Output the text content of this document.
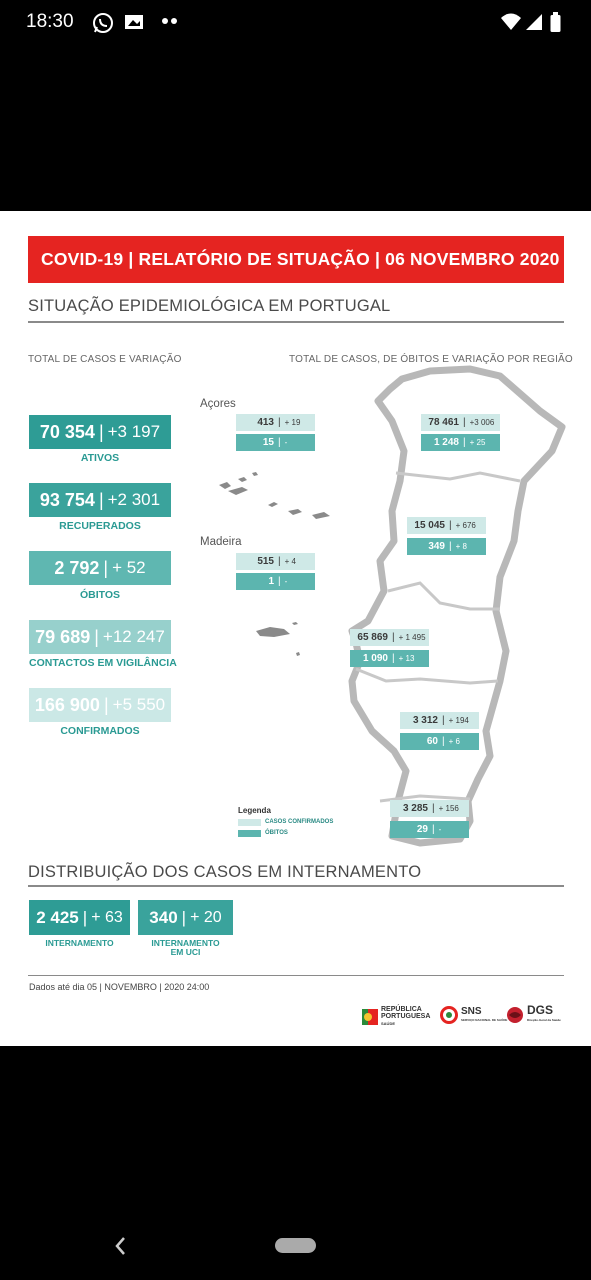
18:30
COVID-19 | RELATÓRIO DE SITUAÇÃO | 06 NOVEMBRO 2020
SITUAÇÃO EPIDEMIOLÓGICA EM PORTUGAL
TOTAL DE CASOS E VARIAÇÃO	TOTAL DE CASOS, DE ÓBITOS E VARIAÇÃO POR REGIÃO
70 354 | +3 197
ATIVOS
93 754 | +2 301
RECUPERADOS
2 792 | + 52
ÓBITOS
79 689 | +12 247
CONTACTOS EM VIGILÂNCIA
166 900 | +5 550
CONFIRMADOS
Açores
Madeira
413 | + 19
15 | -
515 | + 4
1 | -
78 461 | +3 006
1 248 | + 25
15 045 | + 676
349 | + 8
65 869 | + 1 495
1 090 | + 13
3 312 | + 194
60 | + 6
3 285 | + 156
29 | -
Legenda
CASOS CONFIRMADOS
ÓBITOS
DISTRIBUIÇÃO DOS CASOS EM INTERNAMENTO
2 425 | + 63
INTERNAMENTO
340 | + 20
INTERNAMENTO
EM UCI
Dados até dia 05 | NOVEMBRO | 2020 24:00
REPÚBLICA
PORTUGUESA
SAÚDE
SNS
SERVIÇO NACIONAL DE SAÚDE
DGS
Direção-Geral da Saúde
